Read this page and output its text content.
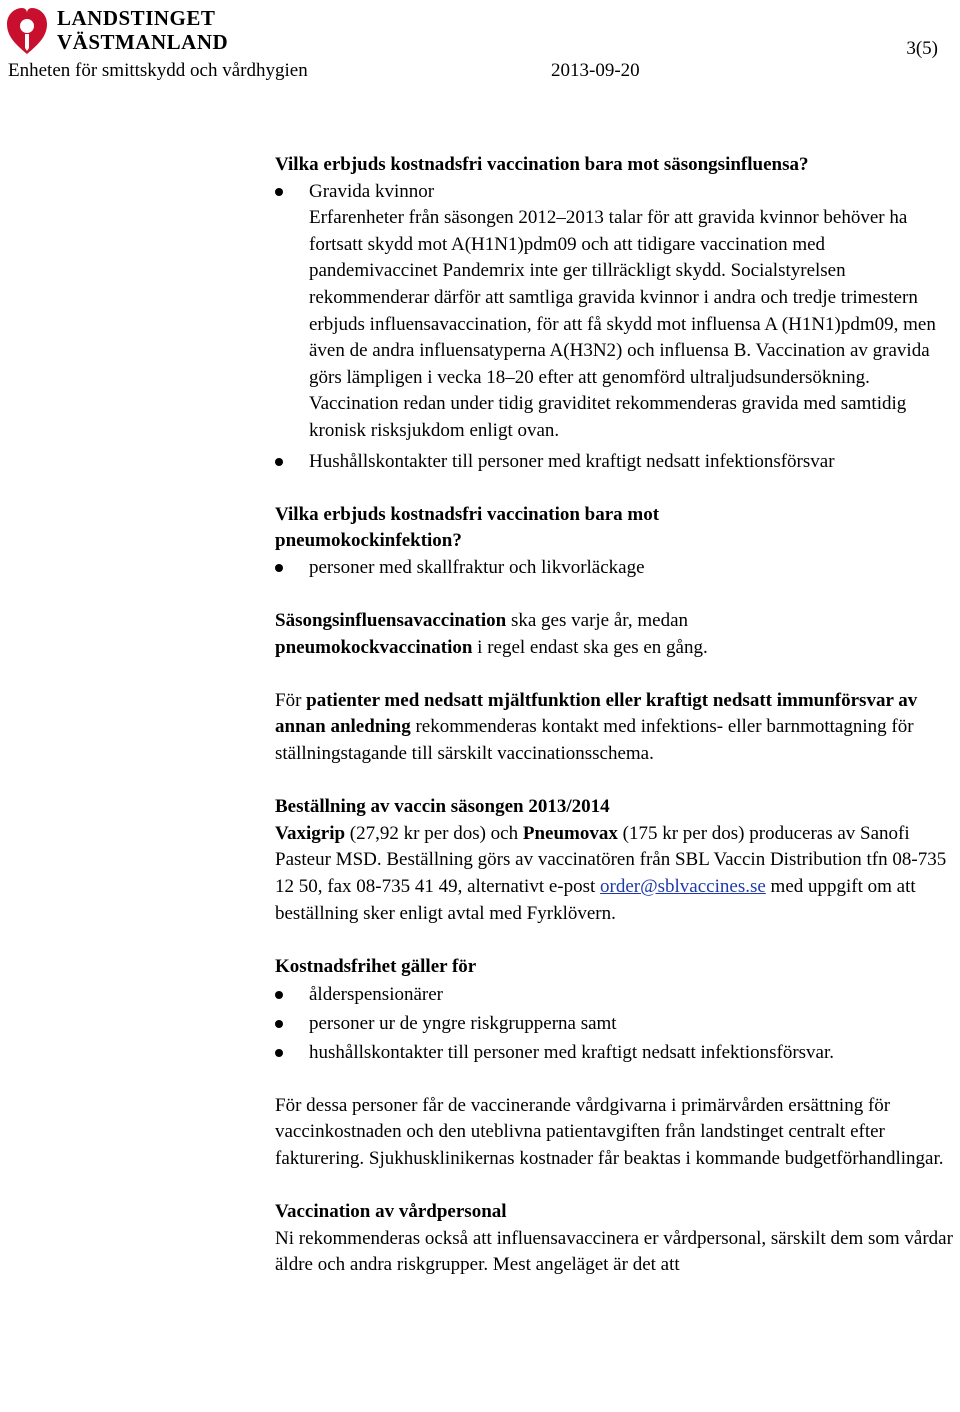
LANDSTINGET
VÄSTMANLAND	3(5)
Enheten för smittskydd och vårdhygien	2013-09-20

Vilka erbjuds kostnadsfri vaccination bara mot säsongsinfluensa?

Gravida kvinnor
Erfarenheter från säsongen 2012–2013 talar för att gravida kvinnor behöver ha fortsatt skydd mot A(H1N1)pdm09 och att tidigare vaccination med pandemivaccinet Pandemrix inte ger tillräckligt skydd. Socialstyrelsen rekommenderar därför att samtliga gravida kvinnor i andra och tredje trimestern erbjuds influensavaccination, för att få skydd mot influensa A (H1N1)pdm09, men även de andra influensatyperna A(H3N2) och influensa B. Vaccination av gravida görs lämpligen i vecka 18–20 efter att genomförd ultraljudsundersökning.
Vaccination redan under tidig graviditet rekommenderas gravida med samtidig kronisk risksjukdom enligt ovan.
Hushållskontakter till personer med kraftigt nedsatt infektionsförsvar

Vilka erbjuds kostnadsfri vaccination bara mot pneumokockinfektion?

personer med skallfraktur och likvorläckage

Säsongsinfluensavaccination ska ges varje år, medan
pneumokockvaccination i regel endast ska ges en gång.

För patienter med nedsatt mjältfunktion eller kraftigt nedsatt immunförsvar av annan anledning rekommenderas kontakt med infektions- eller barnmottagning för ställningstagande till särskilt vaccinationsschema.

Beställning av vaccin säsongen 2013/2014

Vaxigrip (27,92 kr per dos) och Pneumovax (175 kr per dos) produceras av Sanofi Pasteur MSD. Beställning görs av vaccinatören från SBL Vaccin Distribution tfn 08-735 12 50, fax 08-735 41 49, alternativt e-post order@sblvaccines.se med uppgift om att beställning sker enligt avtal med Fyrklövern.

Kostnadsfrihet gäller för

ålderspensionärer
personer ur de yngre riskgrupperna samt
hushållskontakter till personer med kraftigt nedsatt infektionsförsvar.

För dessa personer får de vaccinerande vårdgivarna i primärvården ersättning för vaccinkostnaden och den uteblivna patientavgiften från landstinget centralt efter fakturering. Sjukhusklinikernas kostnader får beaktas i kommande budgetförhandlingar.

Vaccination av vårdpersonal

Ni rekommenderas också att influensavaccinera er vårdpersonal, särskilt dem som vårdar äldre och andra riskgrupper. Mest angeläget är det att
